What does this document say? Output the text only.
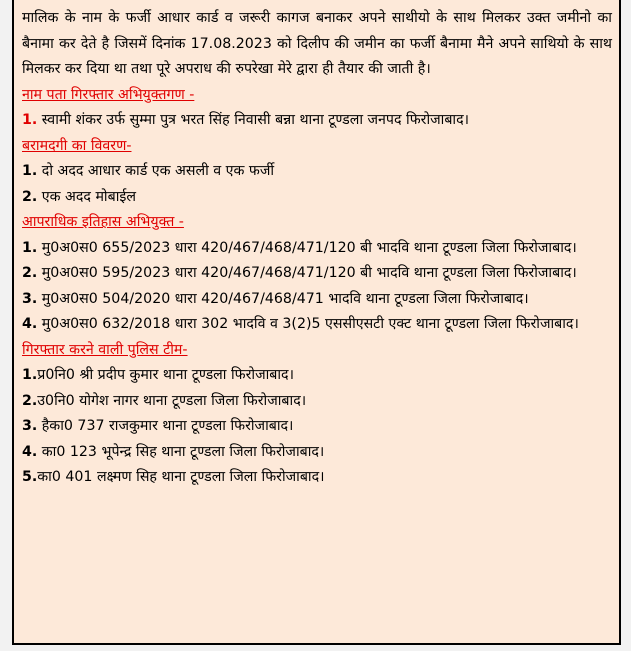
मालिक के नाम के फर्जी आधार कार्ड व जरूरी कागज बनाकर अपने साथीयो के साथ मिलकर उक्त जमीनो का बैनामा कर देते है जिसमें दिनांक 17.08.2023 को दिलीप की जमीन का फर्जी बैनामा मैने अपने साथियो के साथ मिलकर कर दिया था तथा पूरे अपराध की रुपरेखा मेरे द्वारा ही तैयार की जाती है।

नाम पता गिरफ्तार अभियुक्तगण -

1. स्वामी शंकर उर्फ सुम्मा पुत्र भरत सिंह निवासी बन्ना थाना टूण्डला जनपद फिरोजाबाद।

बरामदगी का विवरण-

1. दो अदद आधार कार्ड एक असली व एक फर्जी

2. एक अदद मोबाईल

आपराधिक इतिहास अभियुक्त -

1. मु0अ0स0 655/2023 धारा 420/467/468/471/120 बी भादवि थाना टूण्डला जिला फिरोजाबाद।

2. मु0अ0स0 595/2023 धारा 420/467/468/471/120 बी भादवि थाना टूण्डला जिला फिरोजाबाद।

3. मु0अ0स0 504/2020 धारा 420/467/468/471 भादवि थाना टूण्डला जिला फिरोजाबाद।

4. मु0अ0स0 632/2018 धारा 302 भादवि व 3(2)5 एससीएसटी एक्ट थाना टूण्डला जिला फिरोजाबाद।

गिरफ्तार करने वाली पुलिस टीम-

1.प्र0नि0 श्री प्रदीप कुमार थाना टूण्डला फिरोजाबाद।

2.उ0नि0 योगेश नागर थाना टूण्डला जिला फिरोजाबाद।

3. हैका0 737 राजकुमार थाना टूण्डला फिरोजाबाद।

4. का0 123 भूपेन्द्र सिह थाना टूण्डला जिला फिरोजाबाद।

5.का0 401 लक्ष्मण सिह थाना टूण्डला जिला फिरोजाबाद।
